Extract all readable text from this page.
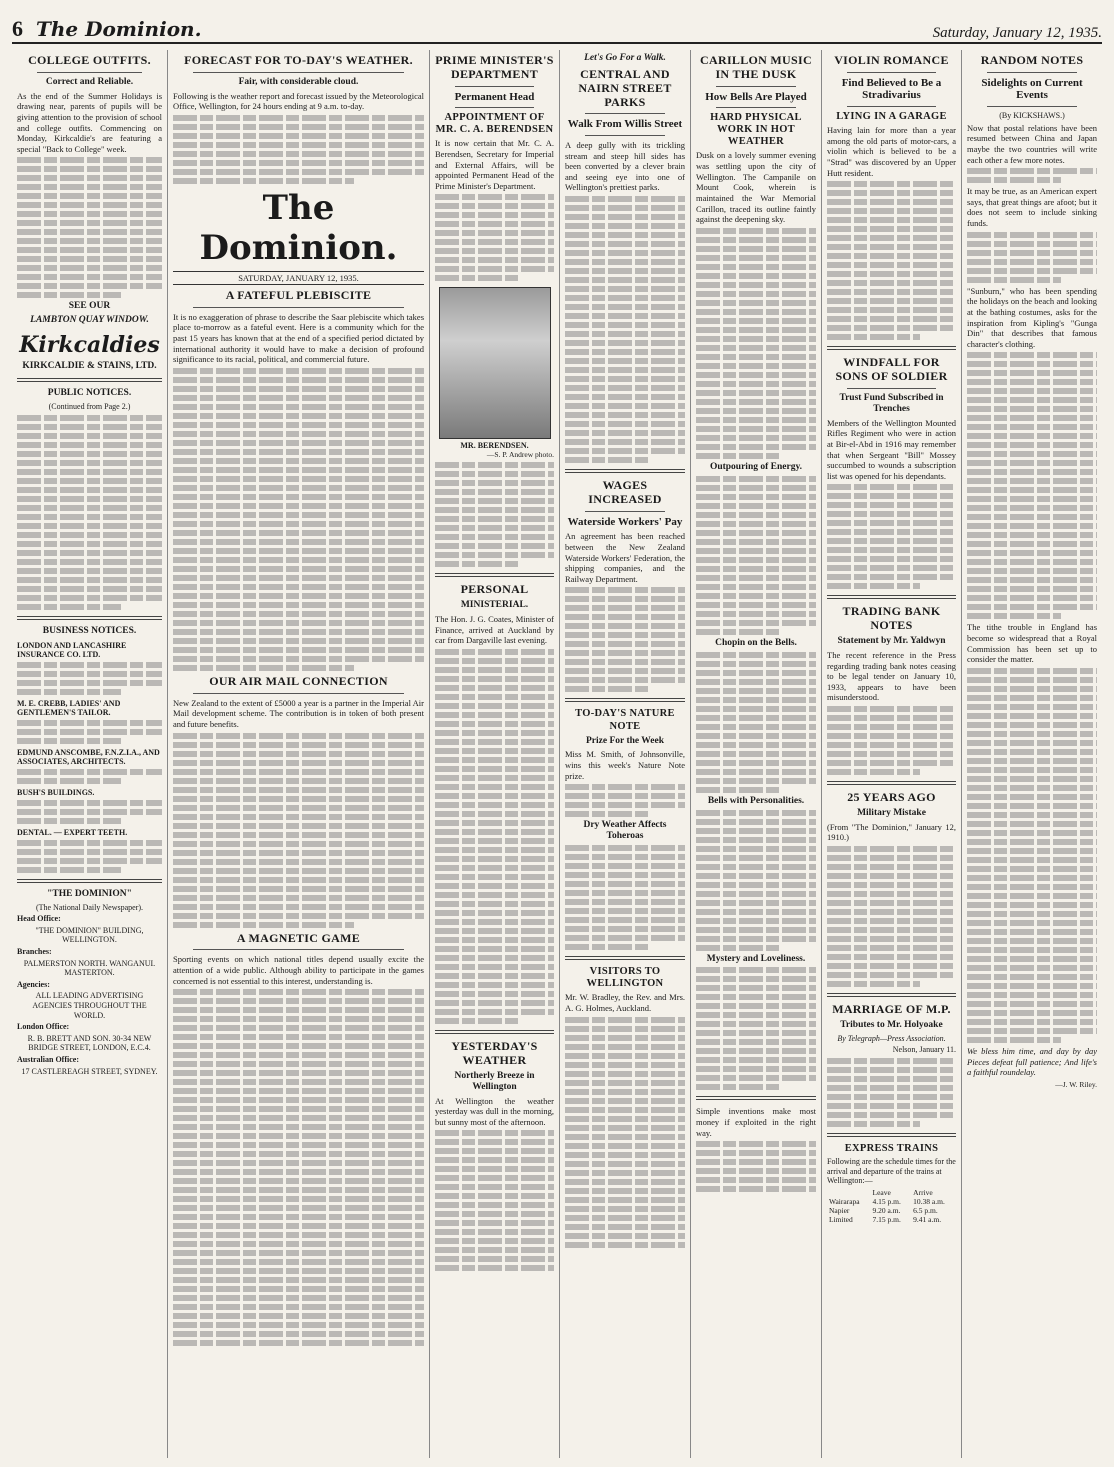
6 The Dominion.	Saturday, January 12, 1935.
COLLEGE OUTFITS.
Correct and Reliable.
As the end of the Summer Holidays is drawing near, parents of pupils will be giving attention to the provision of school and college outfits. Commencing on Monday, Kirkcaldie's are featuring a special "Back to College" week.
SEE OUR
LAMBTON QUAY WINDOW.
Kirkcaldies
KIRKCALDIE & STAINS, LTD.
PUBLIC NOTICES.
(Continued from Page 2.)
BUSINESS NOTICES.
LONDON AND LANCASHIRE INSURANCE CO. LTD.
M. E. CREBB, LADIES' AND GENTLEMEN'S TAILOR.
EDMUND ANSCOMBE, F.N.Z.I.A., AND ASSOCIATES, ARCHITECTS.
BUSH'S BUILDINGS.
DENTAL. — EXPERT TEETH.
"THE DOMINION"
(The National Daily Newspaper).
Head Office:
"THE DOMINION" BUILDING, WELLINGTON.
Branches:
PALMERSTON NORTH. WANGANUI. MASTERTON.
Agencies:
ALL LEADING ADVERTISING AGENCIES THROUGHOUT THE WORLD.
London Office:
R. B. BRETT AND SON. 30-34 NEW BRIDGE STREET, LONDON, E.C.4.
Australian Office:
17 CASTLEREAGH STREET, SYDNEY.
FORECAST FOR TO-DAY'S WEATHER.
Fair, with considerable cloud.
Following is the weather report and forecast issued by the Meteorological Office, Wellington, for 24 hours ending at 9 a.m. to-day.
The Dominion.
SATURDAY, JANUARY 12, 1935.
A FATEFUL PLEBISCITE
It is no exaggeration of phrase to describe the Saar plebiscite which takes place to-morrow as a fateful event. Here is a community which for the past 15 years has known that at the end of a specified period dictated by international authority it would have to make a decision of profound significance to its racial, political, and commercial future.
OUR AIR MAIL CONNECTION
New Zealand to the extent of £5000 a year is a partner in the Imperial Air Mail development scheme. The contribution is in token of both present and future benefits.
A MAGNETIC GAME
Sporting events on which national titles depend usually excite the attention of a wide public. Although ability to participate in the games concerned is not essential to this interest, understanding is.
PRIME MINISTER'S DEPARTMENT
Permanent Head
APPOINTMENT OF MR. C. A. BERENDSEN
It is now certain that Mr. C. A. Berendsen, Secretary for Imperial and External Affairs, will be appointed Permanent Head of the Prime Minister's Department.
MR. BERENDSEN.
—S. P. Andrew photo.
PERSONAL
MINISTERIAL.
The Hon. J. G. Coates, Minister of Finance, arrived at Auckland by car from Dargaville last evening.
YESTERDAY'S WEATHER
Northerly Breeze in Wellington
At Wellington the weather yesterday was dull in the morning, but sunny most of the afternoon.
Let's Go For a Walk.
CENTRAL AND NAIRN STREET PARKS
Walk From Willis Street
A deep gully with its trickling stream and steep hill sides has been converted by a clever brain and seeing eye into one of Wellington's prettiest parks.
WAGES INCREASED
Waterside Workers' Pay
An agreement has been reached between the New Zealand Waterside Workers' Federation, the shipping companies, and the Railway Department.
TO-DAY'S NATURE NOTE
Prize For the Week
Miss M. Smith, of Johnsonville, wins this week's Nature Note prize.
Dry Weather Affects Toheroas
VISITORS TO WELLINGTON
Mr. W. Bradley, the Rev. and Mrs. A. G. Holmes, Auckland.
CARILLON MUSIC IN THE DUSK
How Bells Are Played
HARD PHYSICAL WORK IN HOT WEATHER
Dusk on a lovely summer evening was settling upon the city of Wellington. The Campanile on Mount Cook, wherein is maintained the War Memorial Carillon, traced its outline faintly against the deepening sky.
Outpouring of Energy.
Chopin on the Bells.
Bells with Personalities.
Mystery and Loveliness.
Simple inventions make most money if exploited in the right way.
VIOLIN ROMANCE
Find Believed to Be a Stradivarius
LYING IN A GARAGE
Having lain for more than a year among the old parts of motor-cars, a violin which is believed to be a "Strad" was discovered by an Upper Hutt resident.
WINDFALL FOR SONS OF SOLDIER
Trust Fund Subscribed in Trenches
Members of the Wellington Mounted Rifles Regiment who were in action at Bir-el-Abd in 1916 may remember that when Sergeant "Bill" Mossey succumbed to wounds a subscription list was opened for his dependants.
TRADING BANK NOTES
Statement by Mr. Yaldwyn
The recent reference in the Press regarding trading bank notes ceasing to be legal tender on January 10, 1933, appears to have been misunderstood.
25 YEARS AGO
Military Mistake
(From "The Dominion," January 12, 1910.)
MARRIAGE OF M.P.
Tributes to Mr. Holyoake
By Telegraph—Press Association.
Nelson, January 11.
EXPRESS TRAINS
Following are the schedule times for the arrival and departure of the trains at Wellington:—
	Leave	Arrive
Wairarapa	4.15 p.m.	10.38 a.m.
Napier	9.20 a.m.	6.5 p.m.
Limited	7.15 p.m.	9.41 a.m.
RANDOM NOTES
Sidelights on Current Events
(By KICKSHAWS.)
Now that postal relations have been resumed between China and Japan maybe the two countries will write each other a few more notes.
It may be true, as an American expert says, that great things are afoot; but it does not seem to include sinking funds.
"Sunburn," who has been spending the holidays on the beach and looking at the bathing costumes, asks for the inspiration from Kipling's "Gunga Din" that describes that famous character's clothing.
The tithe trouble in England has become so widespread that a Royal Commission has been set up to consider the matter.
We bless him time, and day by day Pieces defeat full patience; And life's a faithful roundelay.
—J. W. Riley.
